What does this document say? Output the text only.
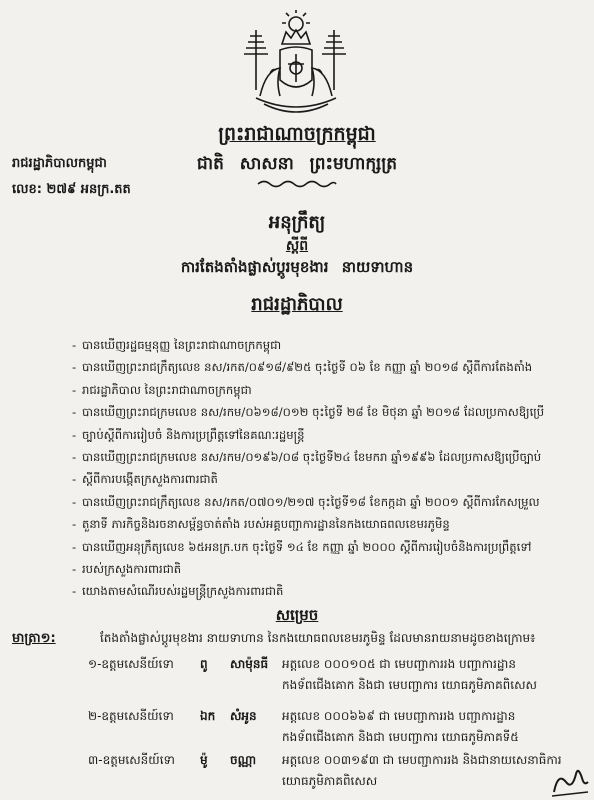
ព្រះរាជាណាចក្រកម្ពុជា
ជាតិ សាសនា ព្រះមហាក្សត្រ
រាជរដ្ឋាភិបាលកម្ពុជា
លេខ: ២៧៩ អនក្រ.តត
អនុក្រឹត្យ
ស្តីពី
ការតែងតាំងផ្លាស់ប្តូរមុខងារ នាយទាហាន
រាជរដ្ឋាភិបាល
- បានឃើញរដ្ឋធម្មនុញ្ញ នៃព្រះរាជាណាចក្រកម្ពុជា
- បានឃើញព្រះរាជក្រឹត្យលេខ នស/រកត/០៩១៨/៩២៥ ចុះថ្ងៃទី ០៦ ខែ កញ្ញា ឆ្នាំ ២០១៨ ស្តីពីការតែងតាំង
- រាជរដ្ឋាភិបាល នៃព្រះរាជាណាចក្រកម្ពុជា
- បានឃើញព្រះរាជក្រមលេខ នស/រកម/០៦១៨/០១២ ចុះថ្ងៃទី ២៨ ខែ មិថុនា ឆ្នាំ ២០១៨ ដែលប្រកាសឱ្យប្រើ
- ច្បាប់ស្តីពីការរៀបចំ និងការប្រព្រឹត្តទៅនៃគណៈរដ្ឋមន្ត្រី
- បានឃើញព្រះរាជក្រមលេខ នស/រកម/០១៩៦/០៨ ចុះថ្ងៃទី២៤ ខែមករា ឆ្នាំ១៩៩៦ ដែលប្រកាសឱ្យប្រើច្បាប់
- ស្តីពីការបង្កើតក្រសួងការពារជាតិ
- បានឃើញព្រះរាជក្រឹត្យលេខ នស/រកត/០៧០១/២១៧ ចុះថ្ងៃទី១៨ ខែកក្កដា ឆ្នាំ ២០០១ ស្តីពីការកែសម្រួល
- តួនាទី ភារកិច្ចនិងរចនាសម្ព័ន្ធចាត់តាំង របស់អគ្គបញ្ជាការដ្ឋាននៃកងយោធពលខេមរភូមិន្ទ
- បានឃើញអនុក្រឹត្យលេខ ៦៥អនក្រ.បក ចុះថ្ងៃទី ១៤ ខែ កញ្ញា ឆ្នាំ ២០០០ ស្តីពីការរៀបចំនិងការប្រព្រឹត្តទៅ
- របស់ក្រសួងការពារជាតិ
- យោងតាមសំណើរបស់រដ្ឋមន្ត្រីក្រសួងការពារជាតិ
សម្រេច
មាត្រា១:	តែងតាំងផ្លាស់ប្តូរមុខងារ នាយទាហាន នៃកងយោធពលខេមរភូមិន្ទ ដែលមានរាយនាមដូចខាងក្រោម៖
១-ឧត្តមសេនីយ៍ទោ ពូ សាម៉ុនធី អត្តលេខ ០០០១០៥ ជា មេបញ្ជាការរង បញ្ជាការដ្ឋាន
កងទ័ពជើងគោក និងជា មេបញ្ជាការ យោធភូមិភាគពិសេស
២-ឧត្តមសេនីយ៍ទោ ឯក សំអូន អត្តលេខ ០០០៦៦៩ ជា មេបញ្ជាការរង បញ្ជាការដ្ឋាន
កងទ័ពជើងគោក និងជា មេបញ្ជាការ យោធភូមិភាគទី៥
៣-ឧត្តមសេនីយ៍ទោ ម៉ូ ចណ្ណា អត្តលេខ ០០៣១៩៣ ជា មេបញ្ជាការរង និងជានាយសេនាធិការ
យោធភូមិភាគពិសេស
